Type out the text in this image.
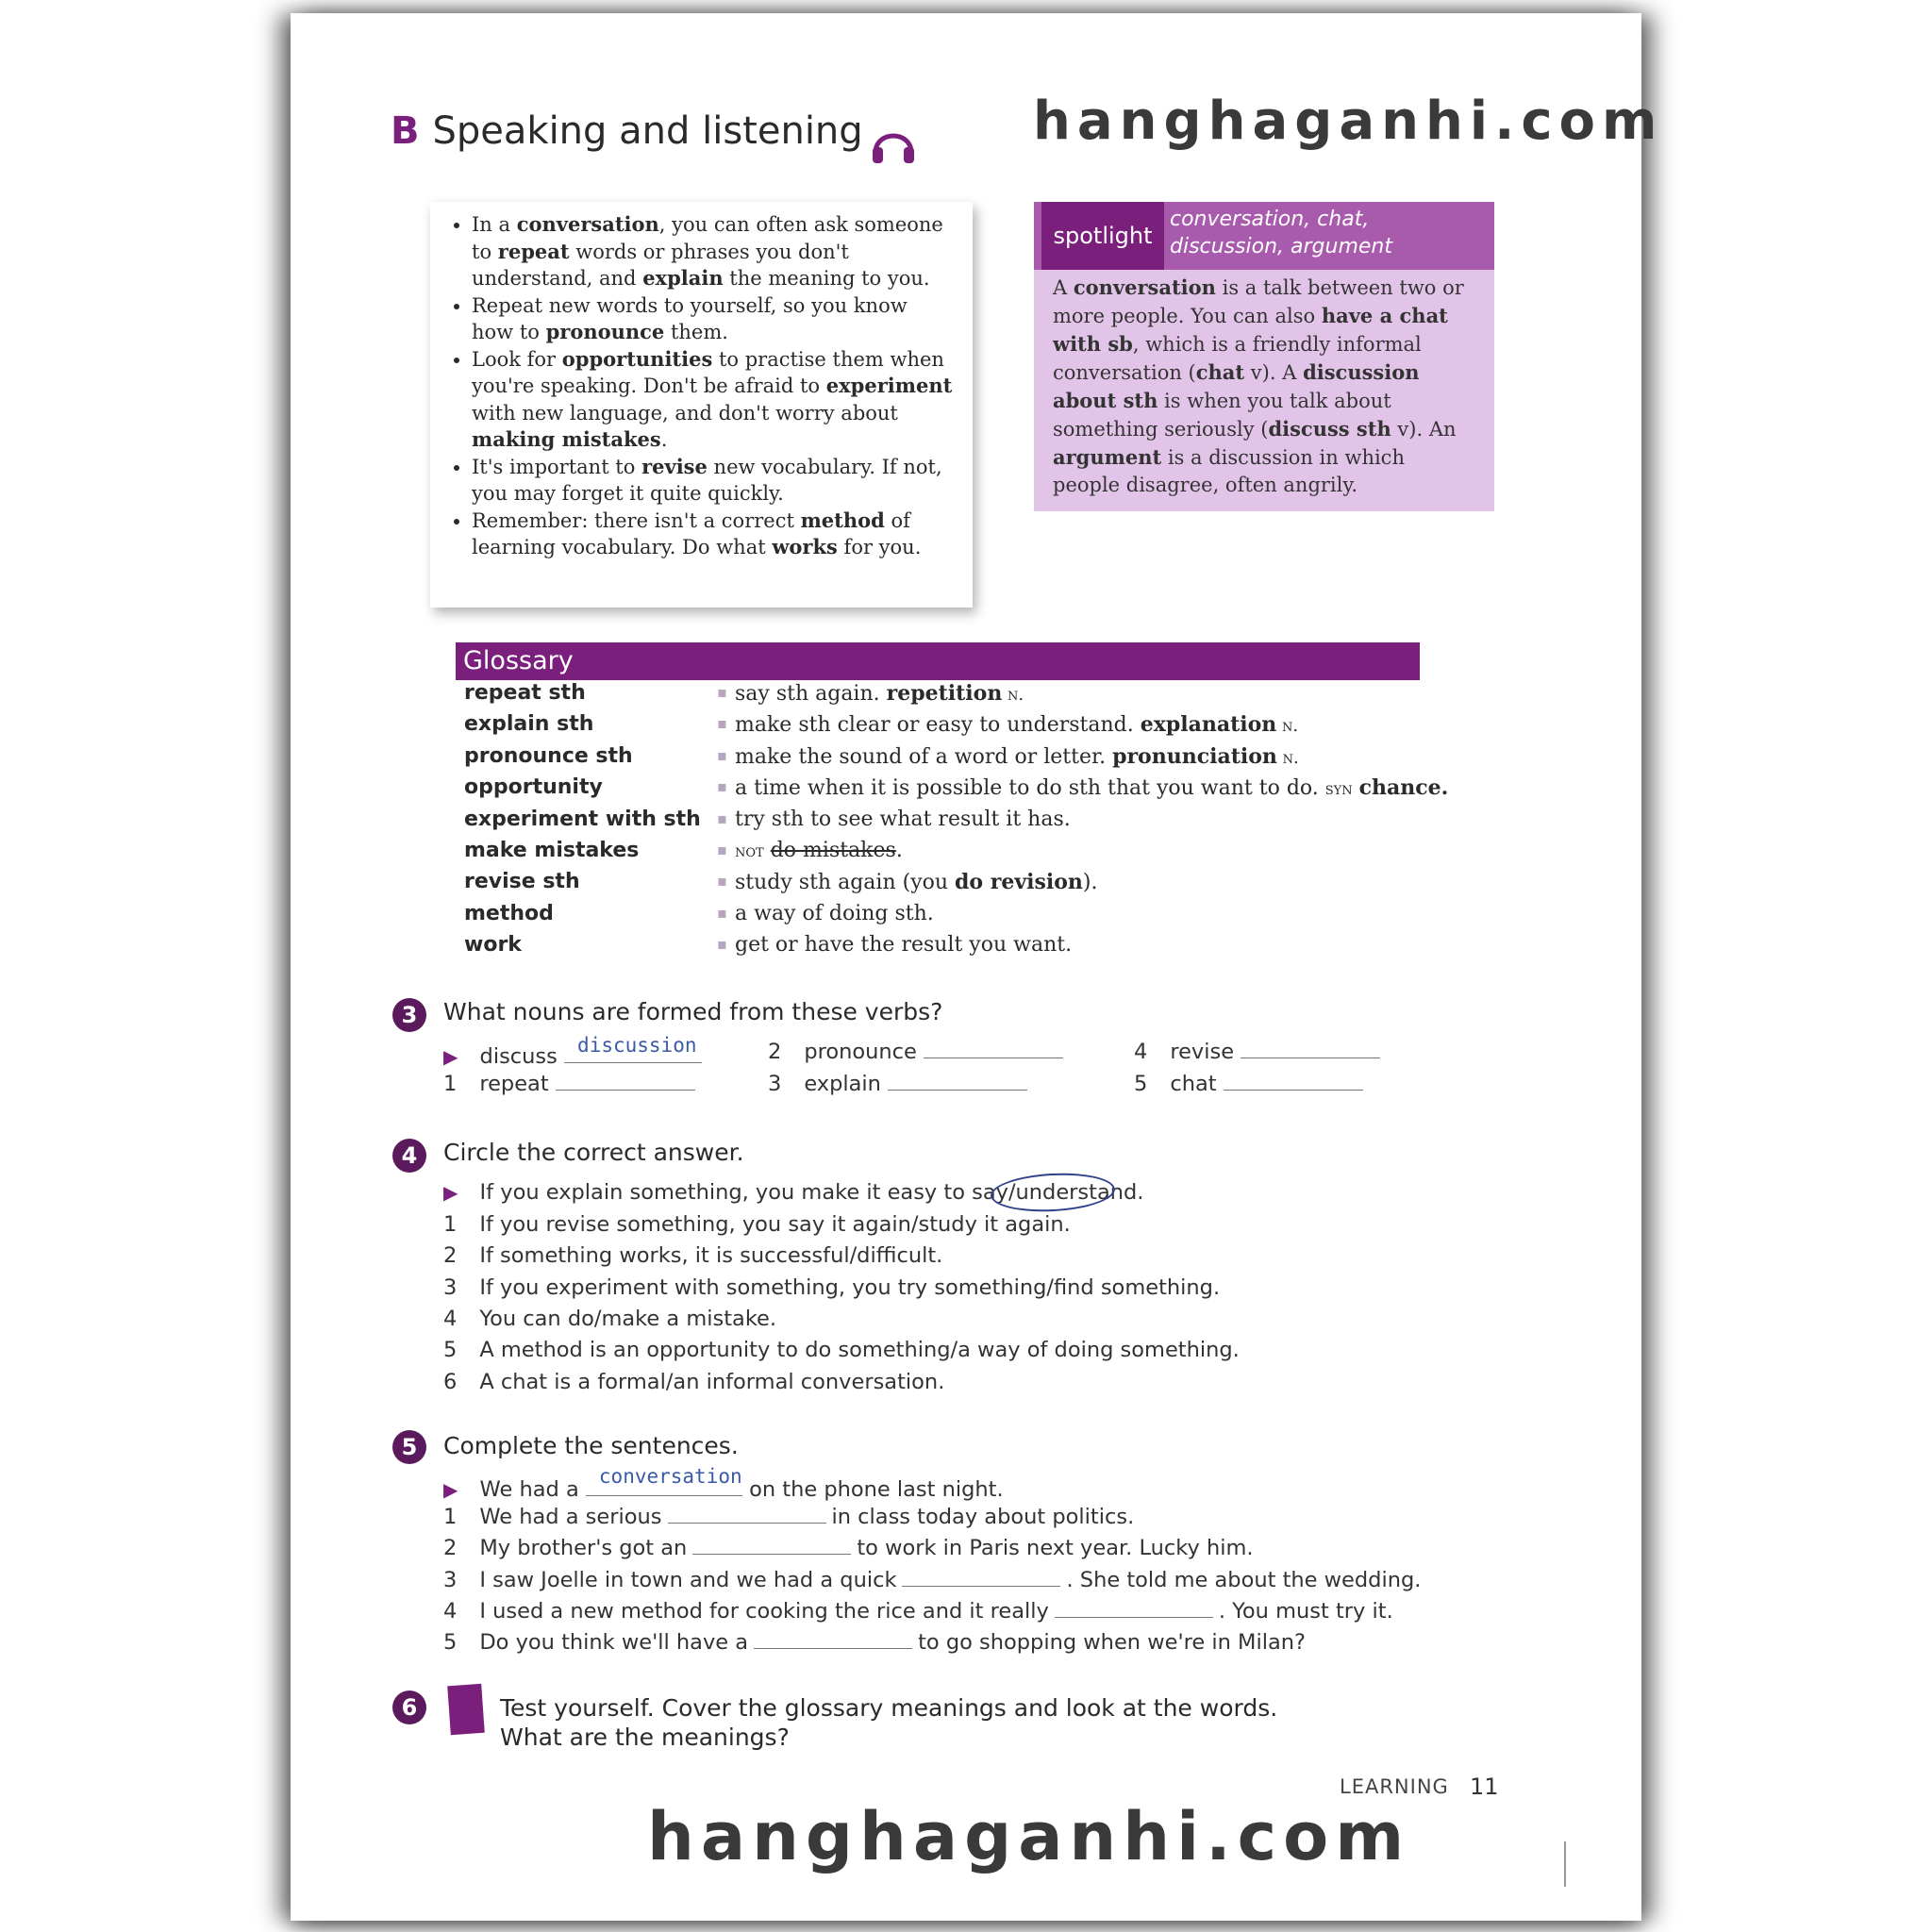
B Speaking and listening
• In a conversation, you can often ask someone to repeat words or phrases you don't understand, and explain the meaning to you.
• Repeat new words to yourself, so you know how to pronounce them.
• Look for opportunities to practise them when you're speaking. Don't be afraid to experiment with new language, and don't worry about making mistakes.
• It's important to revise new vocabulary. If not, you may forget it quite quickly.
• Remember: there isn't a correct method of learning vocabulary. Do what works for you.
spotlight
conversation, chat, discussion, argument
A conversation is a talk between two or more people. You can also have a chat with sb, which is a friendly informal conversation (chat v). A discussion about sth is when you talk about something seriously (discuss sth v). An argument is a discussion in which people disagree, often angrily.
Glossary
repeat sth	▪ say sth again. repetition n.
explain sth	▪ make sth clear or easy to understand. explanation n.
pronounce sth	▪ make the sound of a word or letter. pronunciation n.
opportunity	▪ a time when it is possible to do sth that you want to do. syn chance.
experiment with sth ▪ try sth to see what result it has.
make mistakes	▪ not do mistakes.
revise sth	▪ study sth again (you do revision).
method	▪ a way of doing sth.
work	▪ get or have the result you want.
3	What nouns are formed from these verbs?
▶ discuss discussion
1 repeat
2 pronounce
3 explain
4 revise
5 chat
4	Circle the correct answer.
▶ If you explain something, you make it easy to say/understand.
1 If you revise something, you say it again/study it again.
2 If something works, it is successful/difficult.
3 If you experiment with something, you try something/find something.
4 You can do/make a mistake.
5 A method is an opportunity to do something/a way of doing something.
6 A chat is a formal/an informal conversation.
5	Complete the sentences.
▶ We had a
conversation
on the phone last night.
1 We had a serious	in class today about politics.
2 My brother's got an	to work in Paris next year. Lucky him.
3 I saw Joelle in town and we had a quick	. She told me about the wedding.
4 I used a new method for cooking the rice and it really	. You must try it.
5 Do you think we'll have a	to go shopping when we're in Milan?
6	Test yourself. Cover the glossary meanings and look at the words.
What are the meanings?
LEARNING 11
hanghaganhi.com
hanghaganhi.com
